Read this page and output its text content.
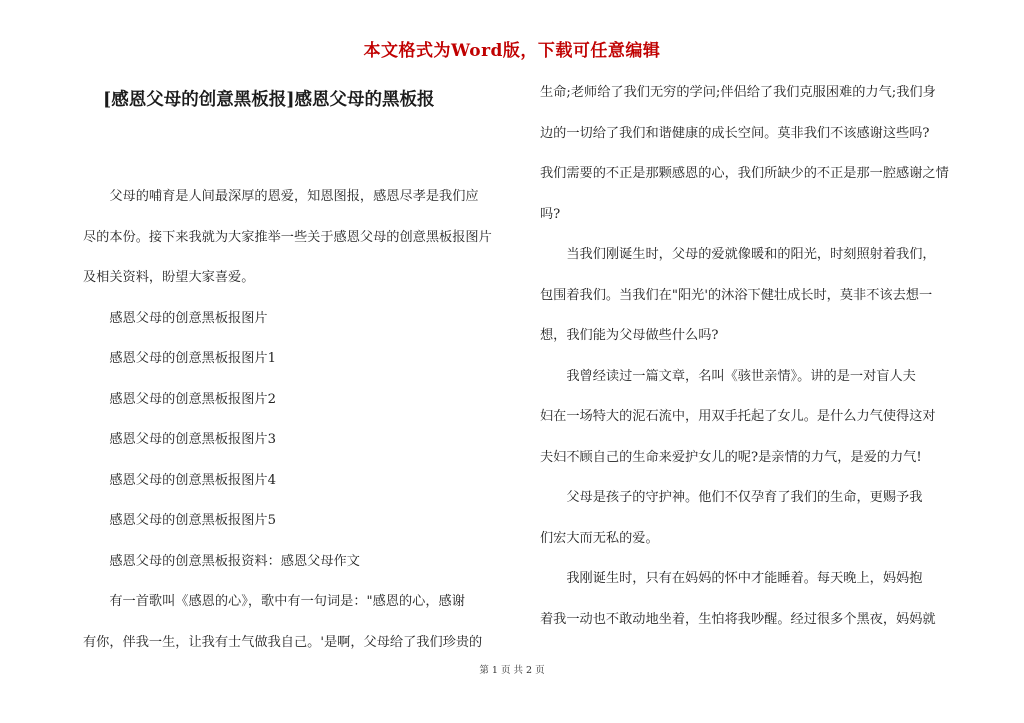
本文格式为Word版，下载可任意编辑
[感恩父母的创意黑板报]感恩父母的黑板报

　　父母的哺育是人间最深厚的恩爱，知恩图报，感恩尽孝是我们应

尽的本份。接下来我就为大家推举一些关于感恩父母的创意黑板报图片

及相关资料，盼望大家喜爱。

　　感恩父母的创意黑板报图片

　　感恩父母的创意黑板报图片1

　　感恩父母的创意黑板报图片2

　　感恩父母的创意黑板报图片3

　　感恩父母的创意黑板报图片4

　　感恩父母的创意黑板报图片5

　　感恩父母的创意黑板报资料：感恩父母作文

　　有一首歌叫《感恩的心》，歌中有一句词是："感恩的心，感谢

有你，伴我一生，让我有士气做我自己。'是啊，父母给了我们珍贵的

生命;老师给了我们无穷的学问;伴侣给了我们克服困难的力气;我们身

边的一切给了我们和谐健康的成长空间。莫非我们不该感谢这些吗?

我们需要的不正是那颗感恩的心，我们所缺少的不正是那一腔感谢之情

吗?

　　当我们刚诞生时，父母的爱就像暖和的阳光，时刻照射着我们，

包围着我们。当我们在"阳光'的沐浴下健壮成长时，莫非不该去想一

想，我们能为父母做些什么吗?

　　我曾经读过一篇文章，名叫《骇世亲情》。讲的是一对盲人夫

妇在一场特大的泥石流中，用双手托起了女儿。是什么力气使得这对

夫妇不顾自己的生命来爱护女儿的呢?是亲情的力气，是爱的力气!

　　父母是孩子的守护神。他们不仅孕育了我们的生命，更赐予我

们宏大而无私的爱。

　　我刚诞生时，只有在妈妈的怀中才能睡着。每天晚上，妈妈抱

着我一动也不敢动地坐着，生怕将我吵醒。经过很多个黑夜，妈妈就

第 1 页 共 2 页
